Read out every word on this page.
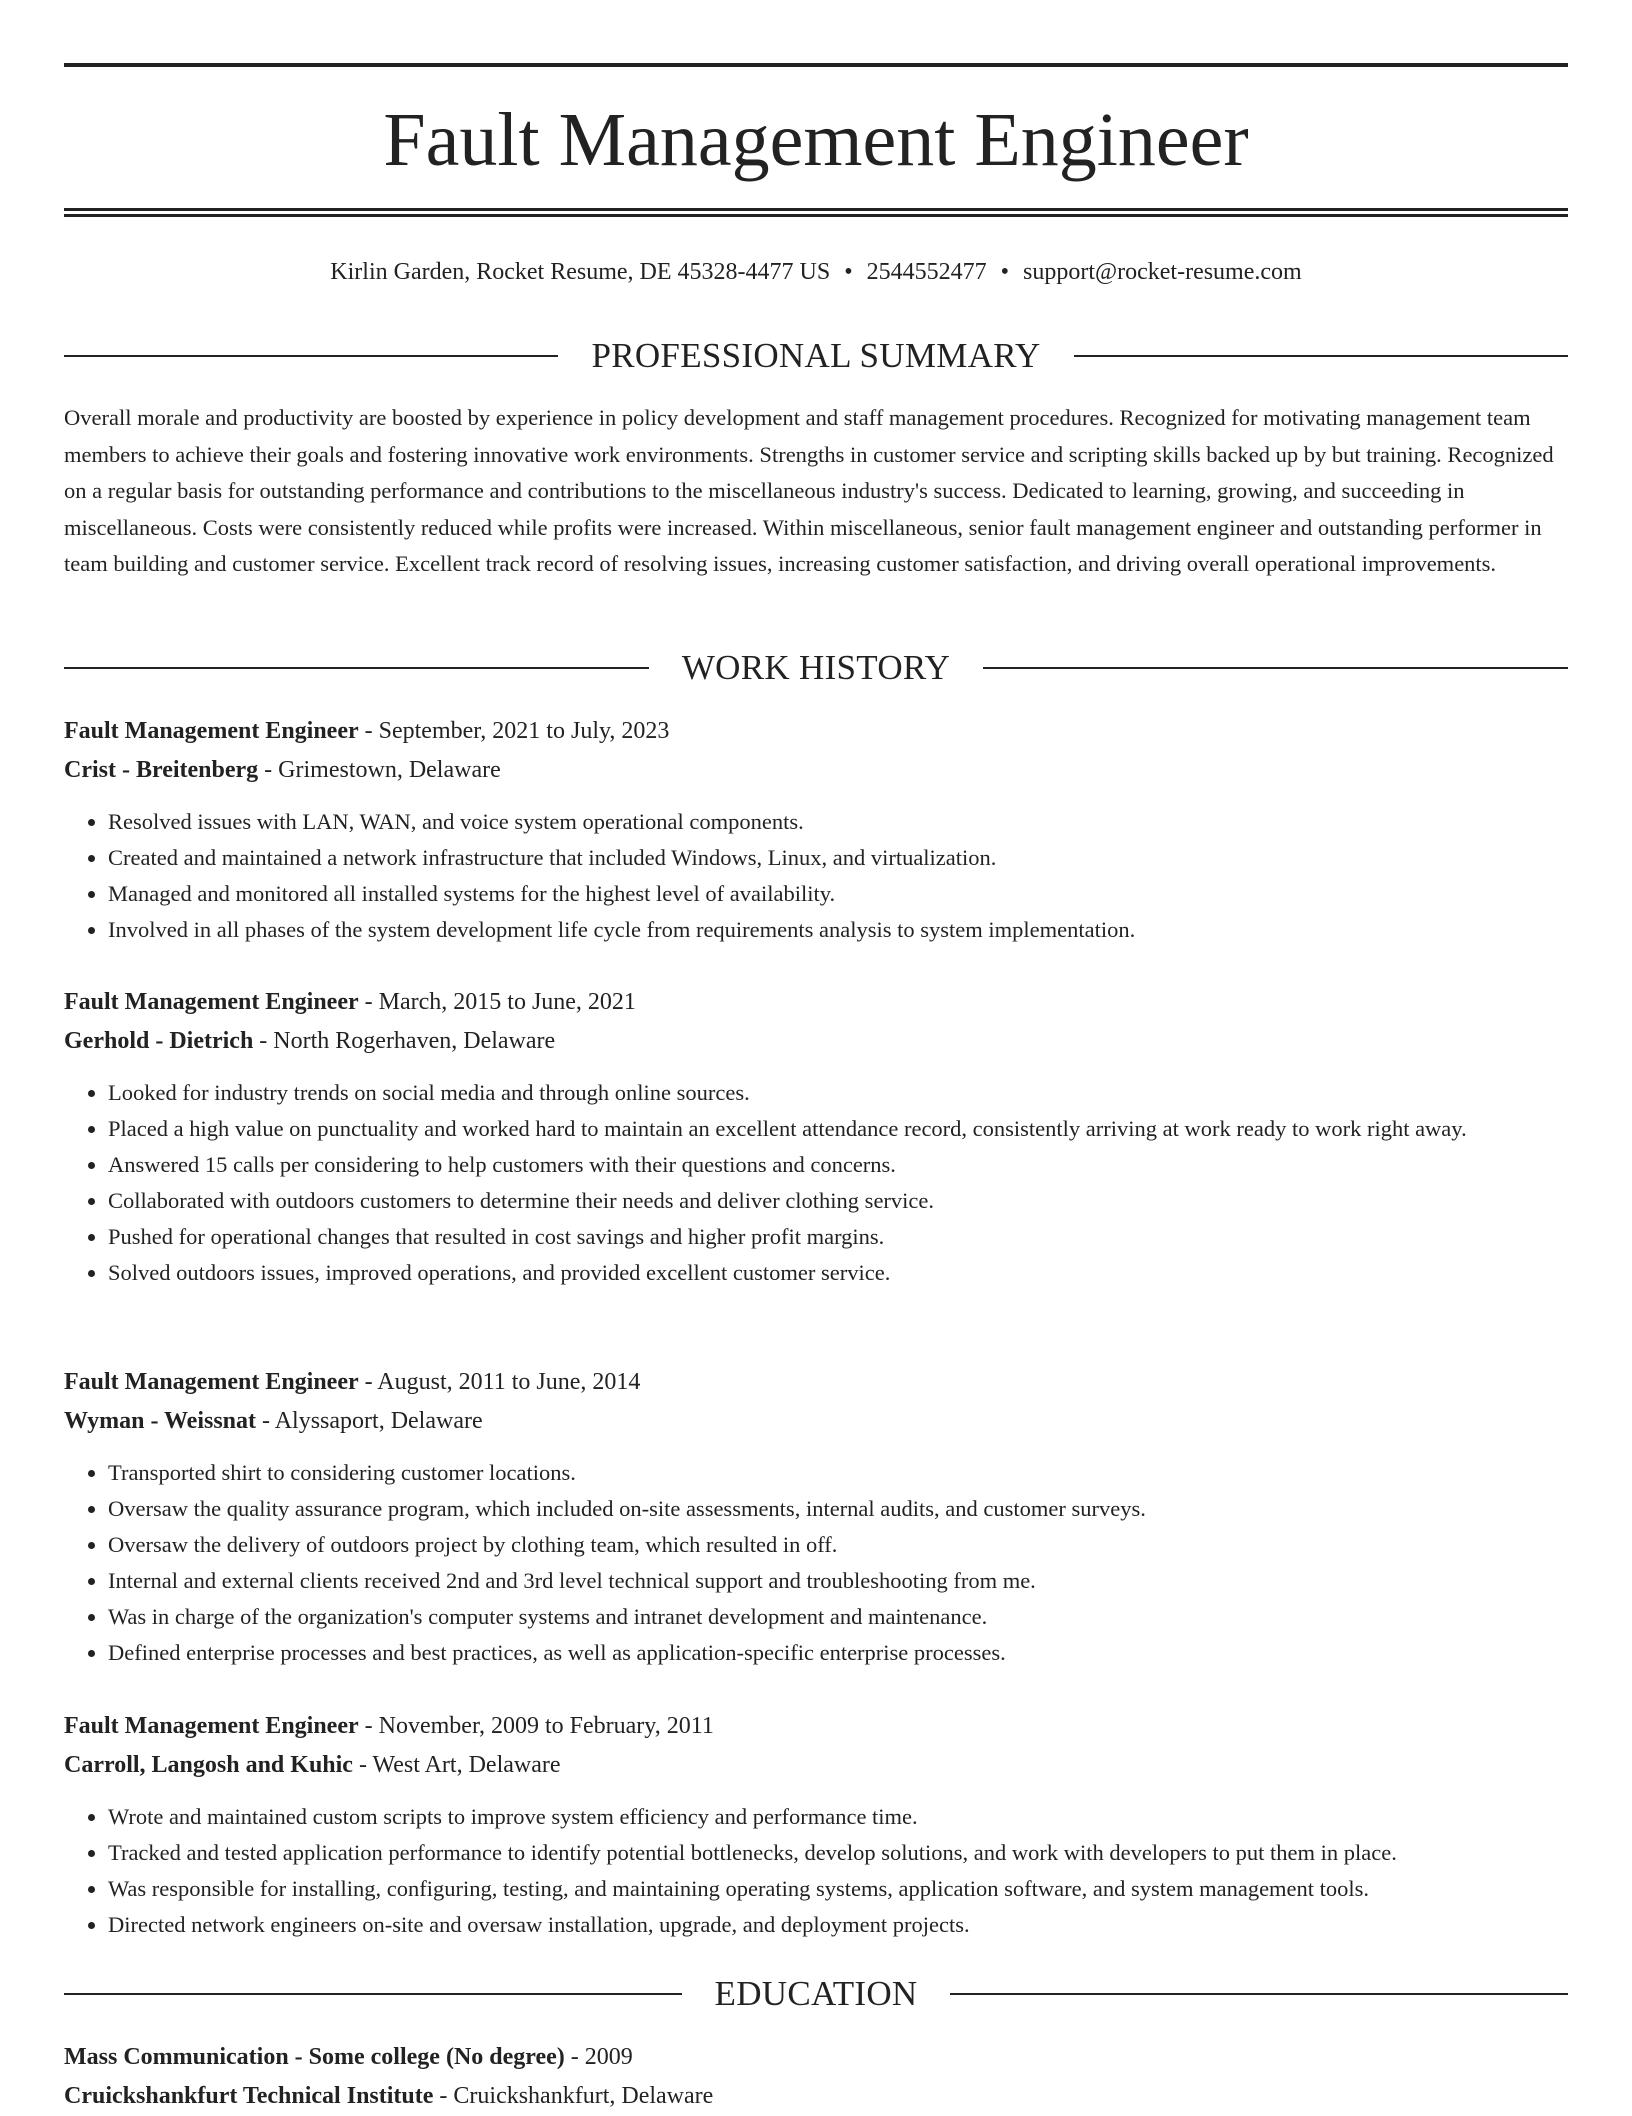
Fault Management Engineer
Kirlin Garden, Rocket Resume, DE 45328-4477 US • 2544552477 • support@rocket-resume.com
PROFESSIONAL SUMMARY

Overall morale and productivity are boosted by experience in policy development and staff management procedures. Recognized for motivating management team members to achieve their goals and fostering innovative work environments. Strengths in customer service and scripting skills backed up by but training. Recognized on a regular basis for outstanding performance and contributions to the miscellaneous industry's success. Dedicated to learning, growing, and succeeding in miscellaneous. Costs were consistently reduced while profits were increased. Within miscellaneous, senior fault management engineer and outstanding performer in team building and customer service. Excellent track record of resolving issues, increasing customer satisfaction, and driving overall operational improvements.

WORK HISTORY
Fault Management Engineer - September, 2021 to July, 2023
Crist - Breitenberg - Grimestown, Delaware
• Resolved issues with LAN, WAN, and voice system operational components.
• Created and maintained a network infrastructure that included Windows, Linux, and virtualization.
• Managed and monitored all installed systems for the highest level of availability.
• Involved in all phases of the system development life cycle from requirements analysis to system implementation.
Fault Management Engineer - March, 2015 to June, 2021
Gerhold - Dietrich - North Rogerhaven, Delaware
• Looked for industry trends on social media and through online sources.
• Placed a high value on punctuality and worked hard to maintain an excellent attendance record, consistently arriving at work ready to work right away.
• Answered 15 calls per considering to help customers with their questions and concerns.
• Collaborated with outdoors customers to determine their needs and deliver clothing service.
• Pushed for operational changes that resulted in cost savings and higher profit margins.
• Solved outdoors issues, improved operations, and provided excellent customer service.
Fault Management Engineer - August, 2011 to June, 2014
Wyman - Weissnat - Alyssaport, Delaware
• Transported shirt to considering customer locations.
• Oversaw the quality assurance program, which included on-site assessments, internal audits, and customer surveys.
• Oversaw the delivery of outdoors project by clothing team, which resulted in off.
• Internal and external clients received 2nd and 3rd level technical support and troubleshooting from me.
• Was in charge of the organization's computer systems and intranet development and maintenance.
• Defined enterprise processes and best practices, as well as application-specific enterprise processes.
Fault Management Engineer - November, 2009 to February, 2011
Carroll, Langosh and Kuhic - West Art, Delaware
• Wrote and maintained custom scripts to improve system efficiency and performance time.
• Tracked and tested application performance to identify potential bottlenecks, develop solutions, and work with developers to put them in place.
• Was responsible for installing, configuring, testing, and maintaining operating systems, application software, and system management tools.
• Directed network engineers on-site and oversaw installation, upgrade, and deployment projects.
EDUCATION
Mass Communication - Some college (No degree) - 2009
Cruickshankfurt Technical Institute - Cruickshankfurt, Delaware
